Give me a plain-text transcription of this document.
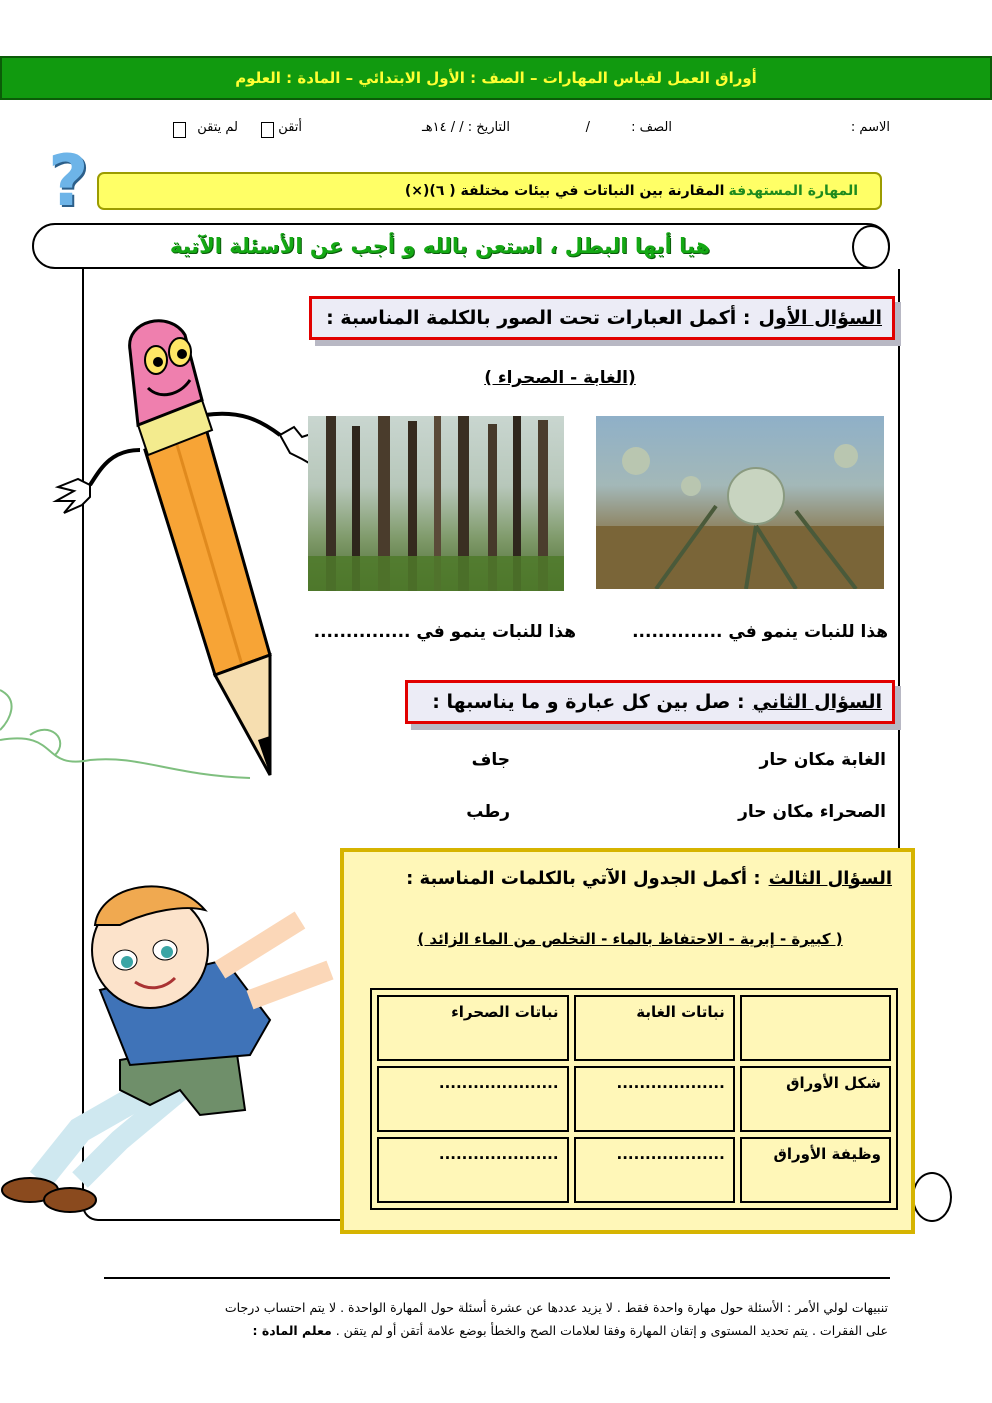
أوراق العمل لقياس المهارات – الصف : الأول الابتدائي – المادة : العلوم
الاسم :
الصف :
/
التاريخ : / / ١٤هـ
أتقن
لم يتقن
?	المهارة المستهدفة
المقارنة بين النباتات في بيئات مختلفة ( ٦)(×)
هيا أيها البطل ، استعن بالله و أجب عن الأسئلة الآتية
السؤال الأول
: أكمل العبارات تحت الصور بالكلمة المناسبة :
(الغابة - الصحراء )
هذا للنبات ينمو في ..............
هذا للنبات ينمو في ...............
السؤال الثاني
: صل بين كل عبارة و ما يناسبها :
الغابة مكان حار
الصحراء مكان حار
جاف
رطب
السؤال الثالث
: أكمل الجدول الآتي بالكلمات المناسبة :
( كبيرة - إبرية - الاحتفاظ بالماء - التخلص من الماء الزائد )
	نباتات الغابة	نباتات الصحراء
شكل الأوراق	...................	.....................
وظيفة الأوراق	...................	.....................
تنبيهات لولي الأمر : الأسئلة حول مهارة واحدة فقط . لا يزيد عددها عن عشرة أسئلة حول المهارة الواحدة . لا يتم احتساب درجات
على الفقرات . يتم تحديد المستوى و إتقان المهارة وفقا لعلامات الصح والخطأ بوضع علامة أتقن أو لم يتقن . معلم المادة :
